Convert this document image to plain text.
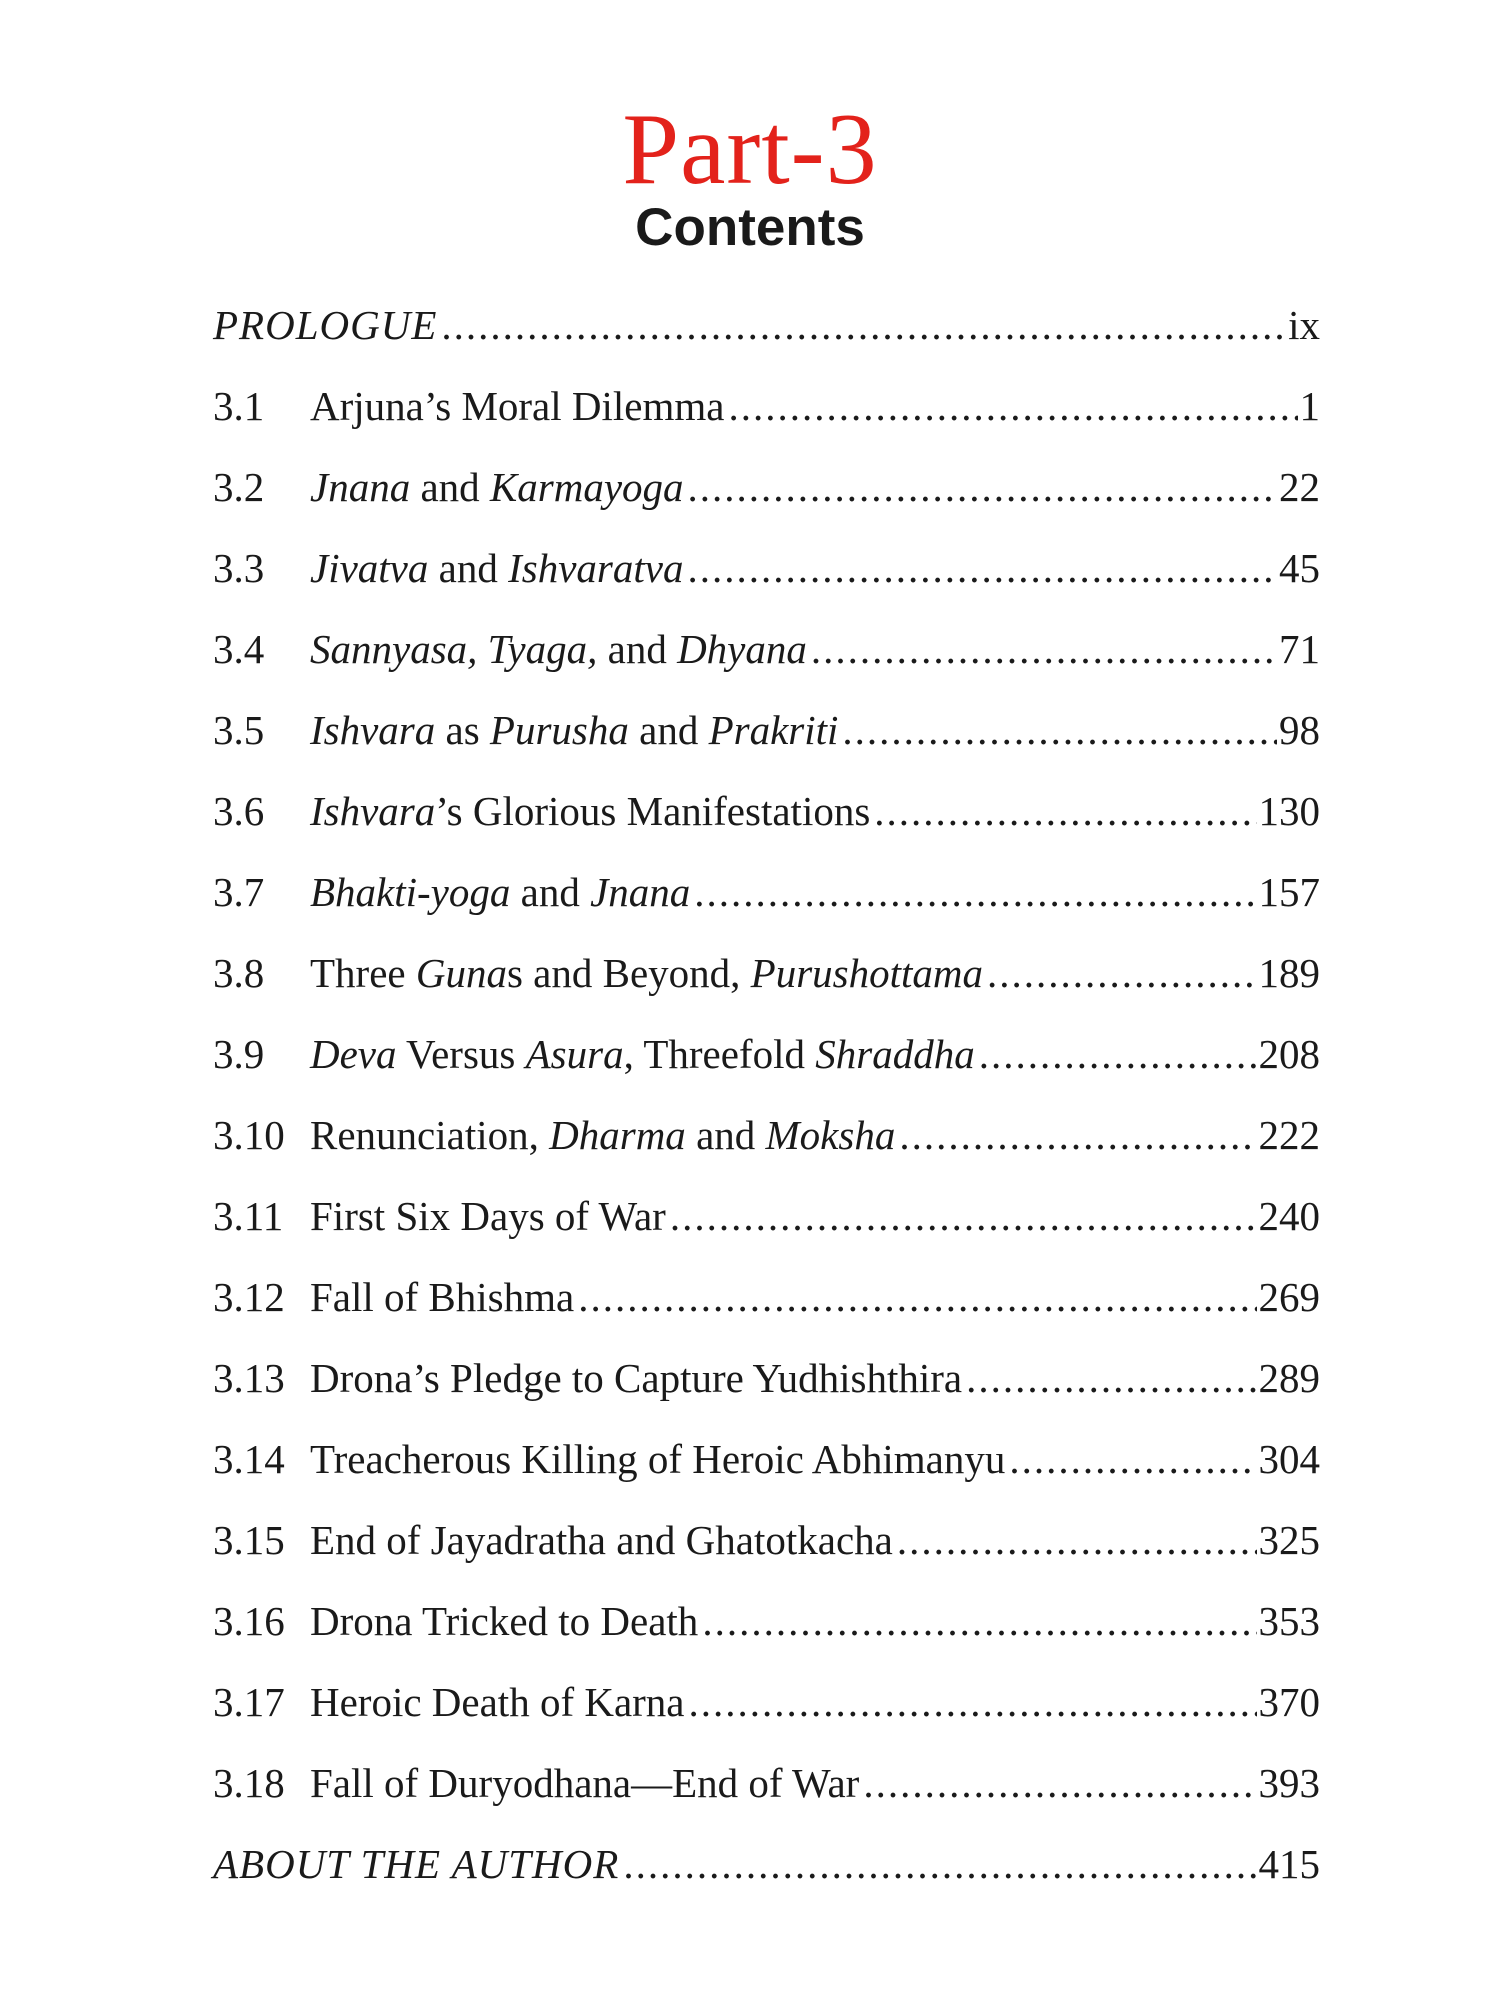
Part-3
Contents
PROLOGUE .....	ix
3.1	Arjuna’s Moral Dilemma .....	1
3.2	Jnana and Karmayoga .....	22
3.3	Jivatva and Ishvaratva .....	45
3.4	Sannyasa, Tyaga, and Dhyana .....	71
3.5	Ishvara as Purusha and Prakriti .....	98
3.6	Ishvara’s Glorious Manifestations .....	130
3.7	Bhakti-yoga and Jnana .....	157
3.8	Three Gunas and Beyond, Purushottama .....	189
3.9	Deva Versus Asura, Threefold Shraddha .....	208
3.10 Renunciation, Dharma and Moksha .....	222
3.11 First Six Days of War .....	240
3.12 Fall of Bhishma .....	269
3.13 Drona’s Pledge to Capture Yudhishthira .....	289
3.14 Treacherous Killing of Heroic Abhimanyu .....	304
3.15 End of Jayadratha and Ghatotkacha .....	325
3.16 Drona Tricked to Death .....	353
3.17 Heroic Death of Karna .....	370
3.18 Fall of Duryodhana—End of War .....	393
ABOUT THE AUTHOR .....	415
